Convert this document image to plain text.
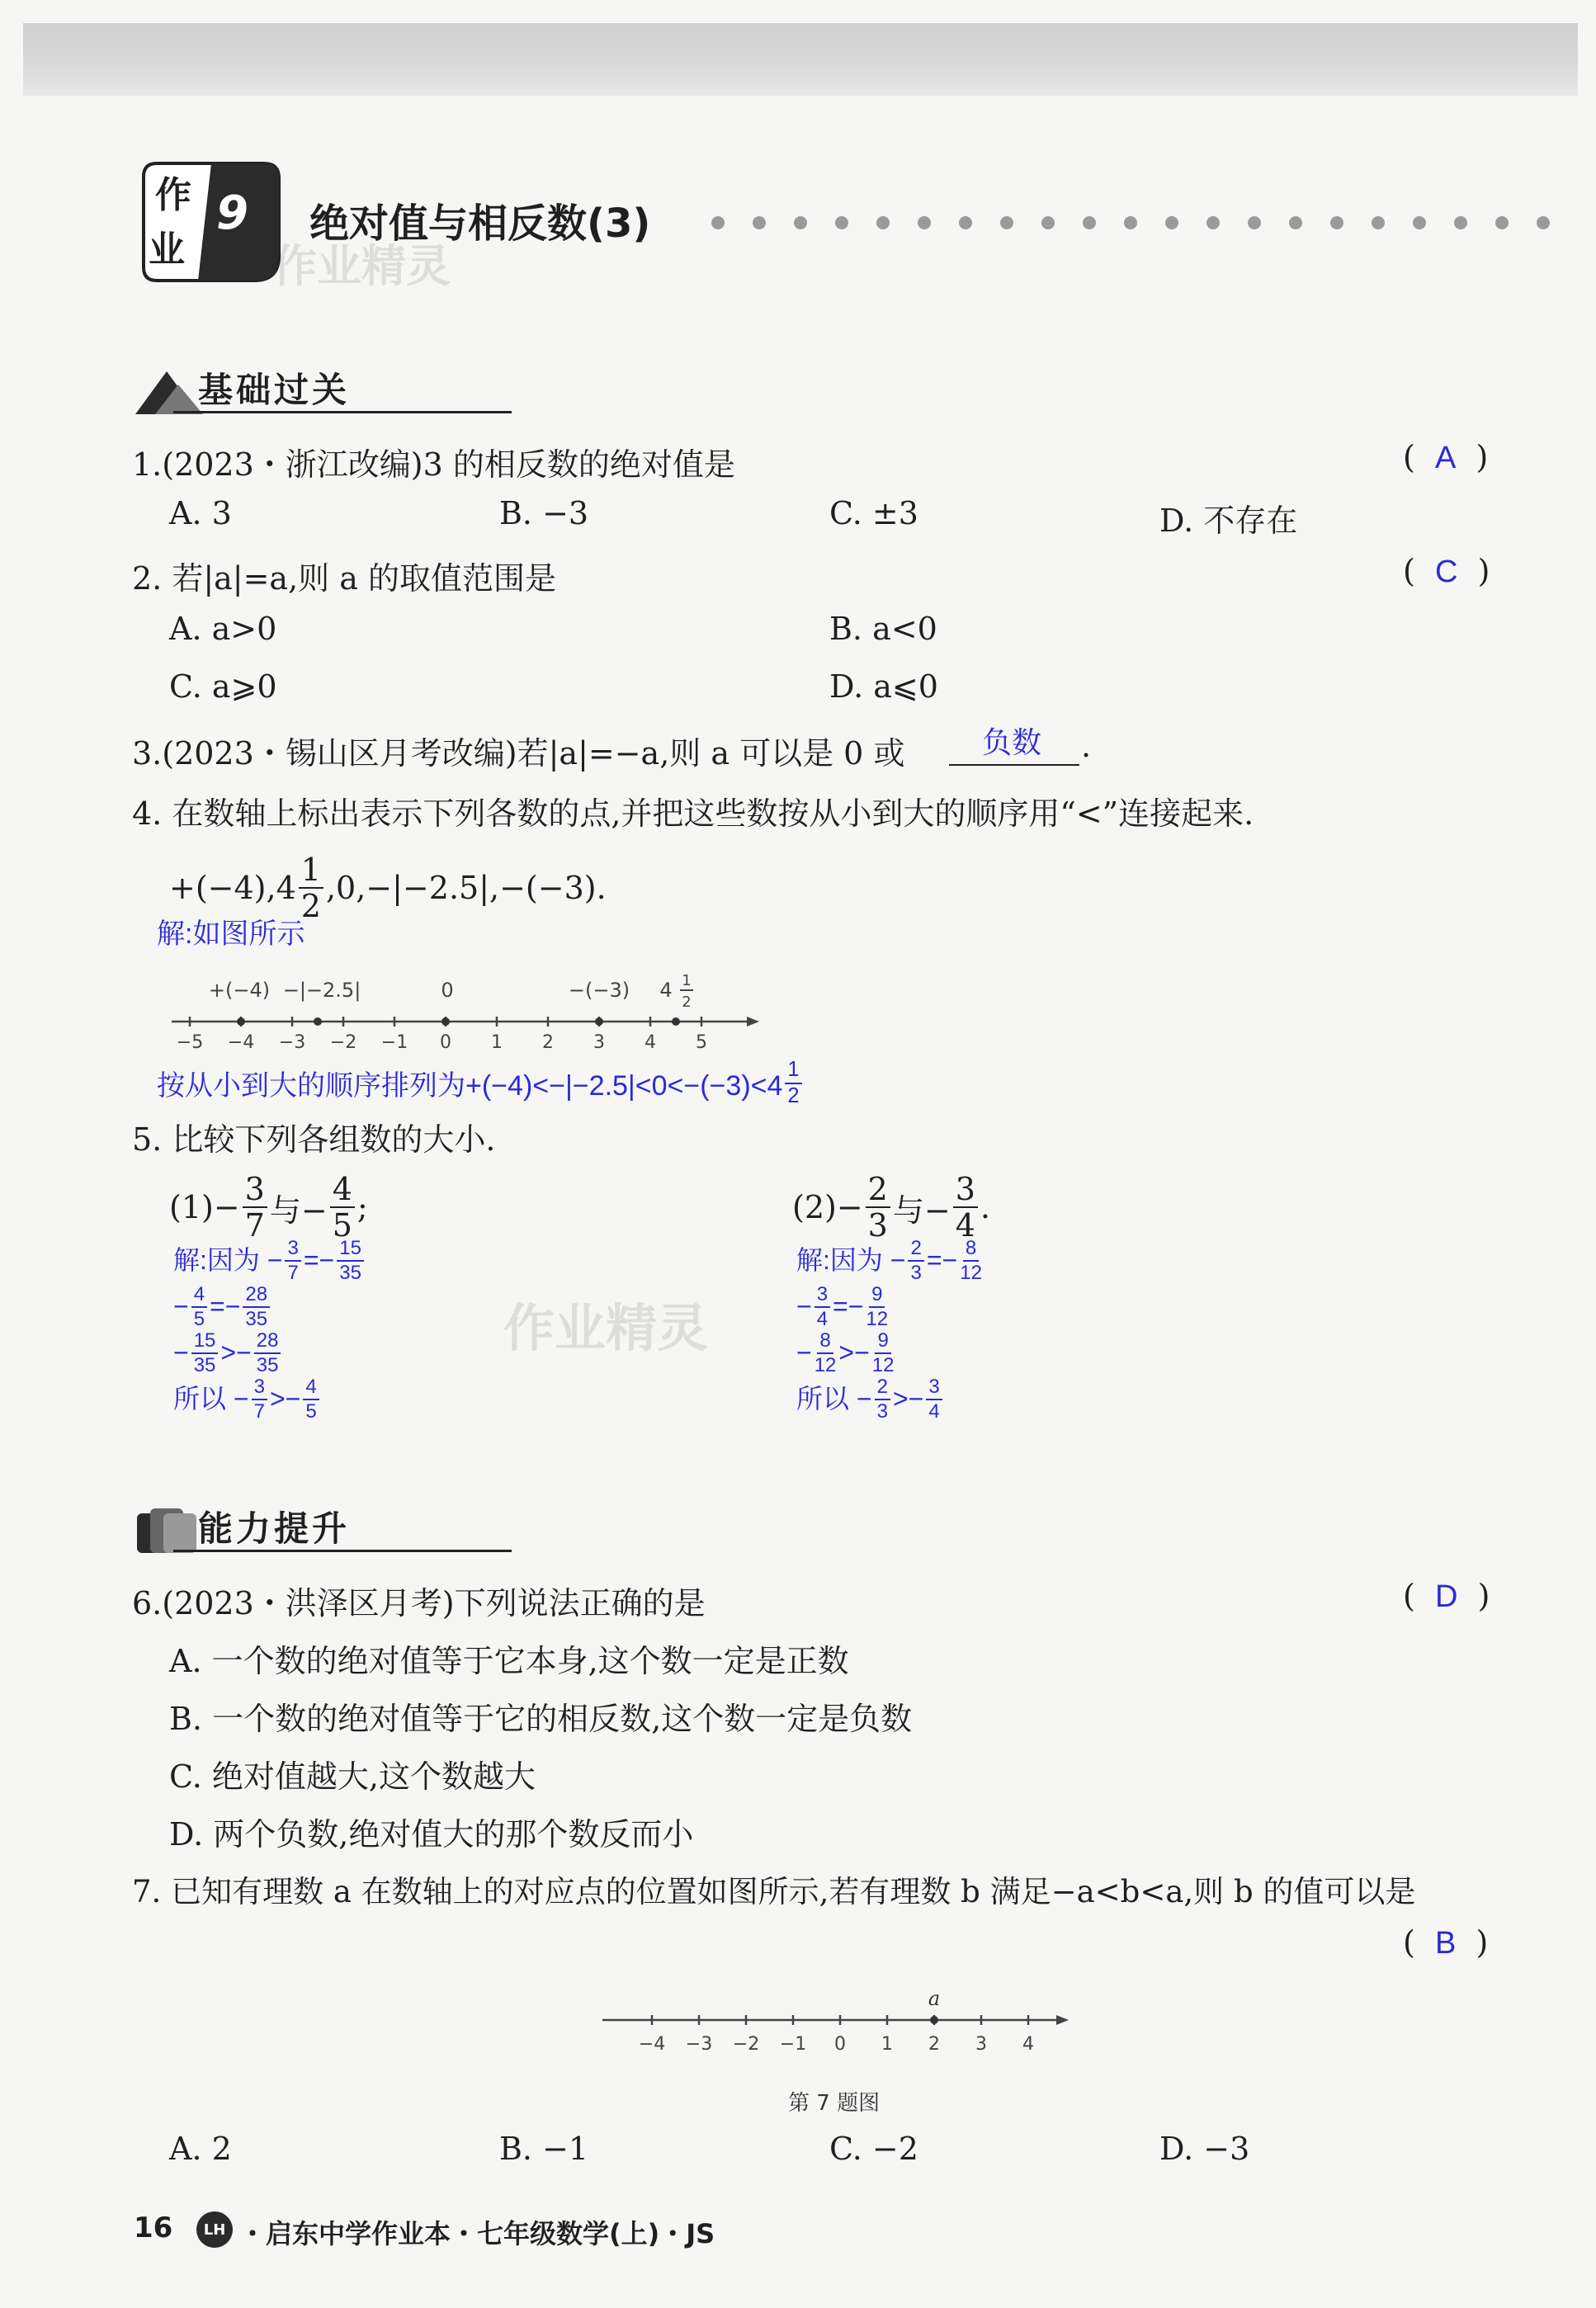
作
业
9 绝对值与相反数(3)
作业精灵
基础过关
1.(2023・浙江改编)3 的相反数的绝对值是	(  A  )
A. 3	B. −3	C. ±3	D. 不存在
2. 若|a|=a,则 a 的取值范围是	(  C  )
A. a>0	B. a<0
C. a⩾0	D. a⩽0
3.(2023・锡山区月考改编)若|a|=−a,则 a 可以是 0 或	负数 .
4. 在数轴上标出表示下列各数的点,并把这些数按从小到大的顺序用“<”连接起来.
$+(-4),4 \frac{1}{2} ,0,-|-2.5|,-(-3)$.
解:如图所示
−5 −4 −3 −2 −1 0 1 2 3 4 5
+(−4) −|−2.5|	0	−(−3) 4 1
2
按从小到大的顺序排列为$+(-4)<-|-2.5|<0<-(-3)<4 \frac{1}{2}$
5. 比较下列各组数的大小.
$(1)- \frac{3}{7}$ 与− $\frac{4}{5}$ ;	$(2)- \frac{2}{3}$ 与− $\frac{3}{4}$ .
解:因为 − $\frac{3}{7} =- \frac{15}{35}$
− $\frac{4}{5} =- \frac{28}{35}$
− $\frac{15}{35} >- \frac{28}{35}$
所以 − $\frac{3}{7} >- \frac{4}{5}$
解:因为 − $\frac{2}{3} =- \frac{8}{12}$
− $\frac{3}{4} =- \frac{9}{12}$
− $\frac{8}{12} >- \frac{9}{12}$
所以 − $\frac{2}{3} >- \frac{3}{4}$
作业精灵
能力提升
6.(2023・洪泽区月考)下列说法正确的是	(  D  )
A. 一个数的绝对值等于它本身,这个数一定是正数
B. 一个数的绝对值等于它的相反数,这个数一定是负数
C. 绝对值越大,这个数越大
D. 两个负数,绝对值大的那个数反而小
7. 已知有理数 a 在数轴上的对应点的位置如图所示,若有理数 b 满足−a<b<a,则 b 的值可以是
(  B  )
a
−4 −3 −2 −1 0 1 2 3 4
第 7 题图
A. 2	B. −1	C. −2	D. −3
16	LH ・启东中学作业本・七年级数学(上)・JS
